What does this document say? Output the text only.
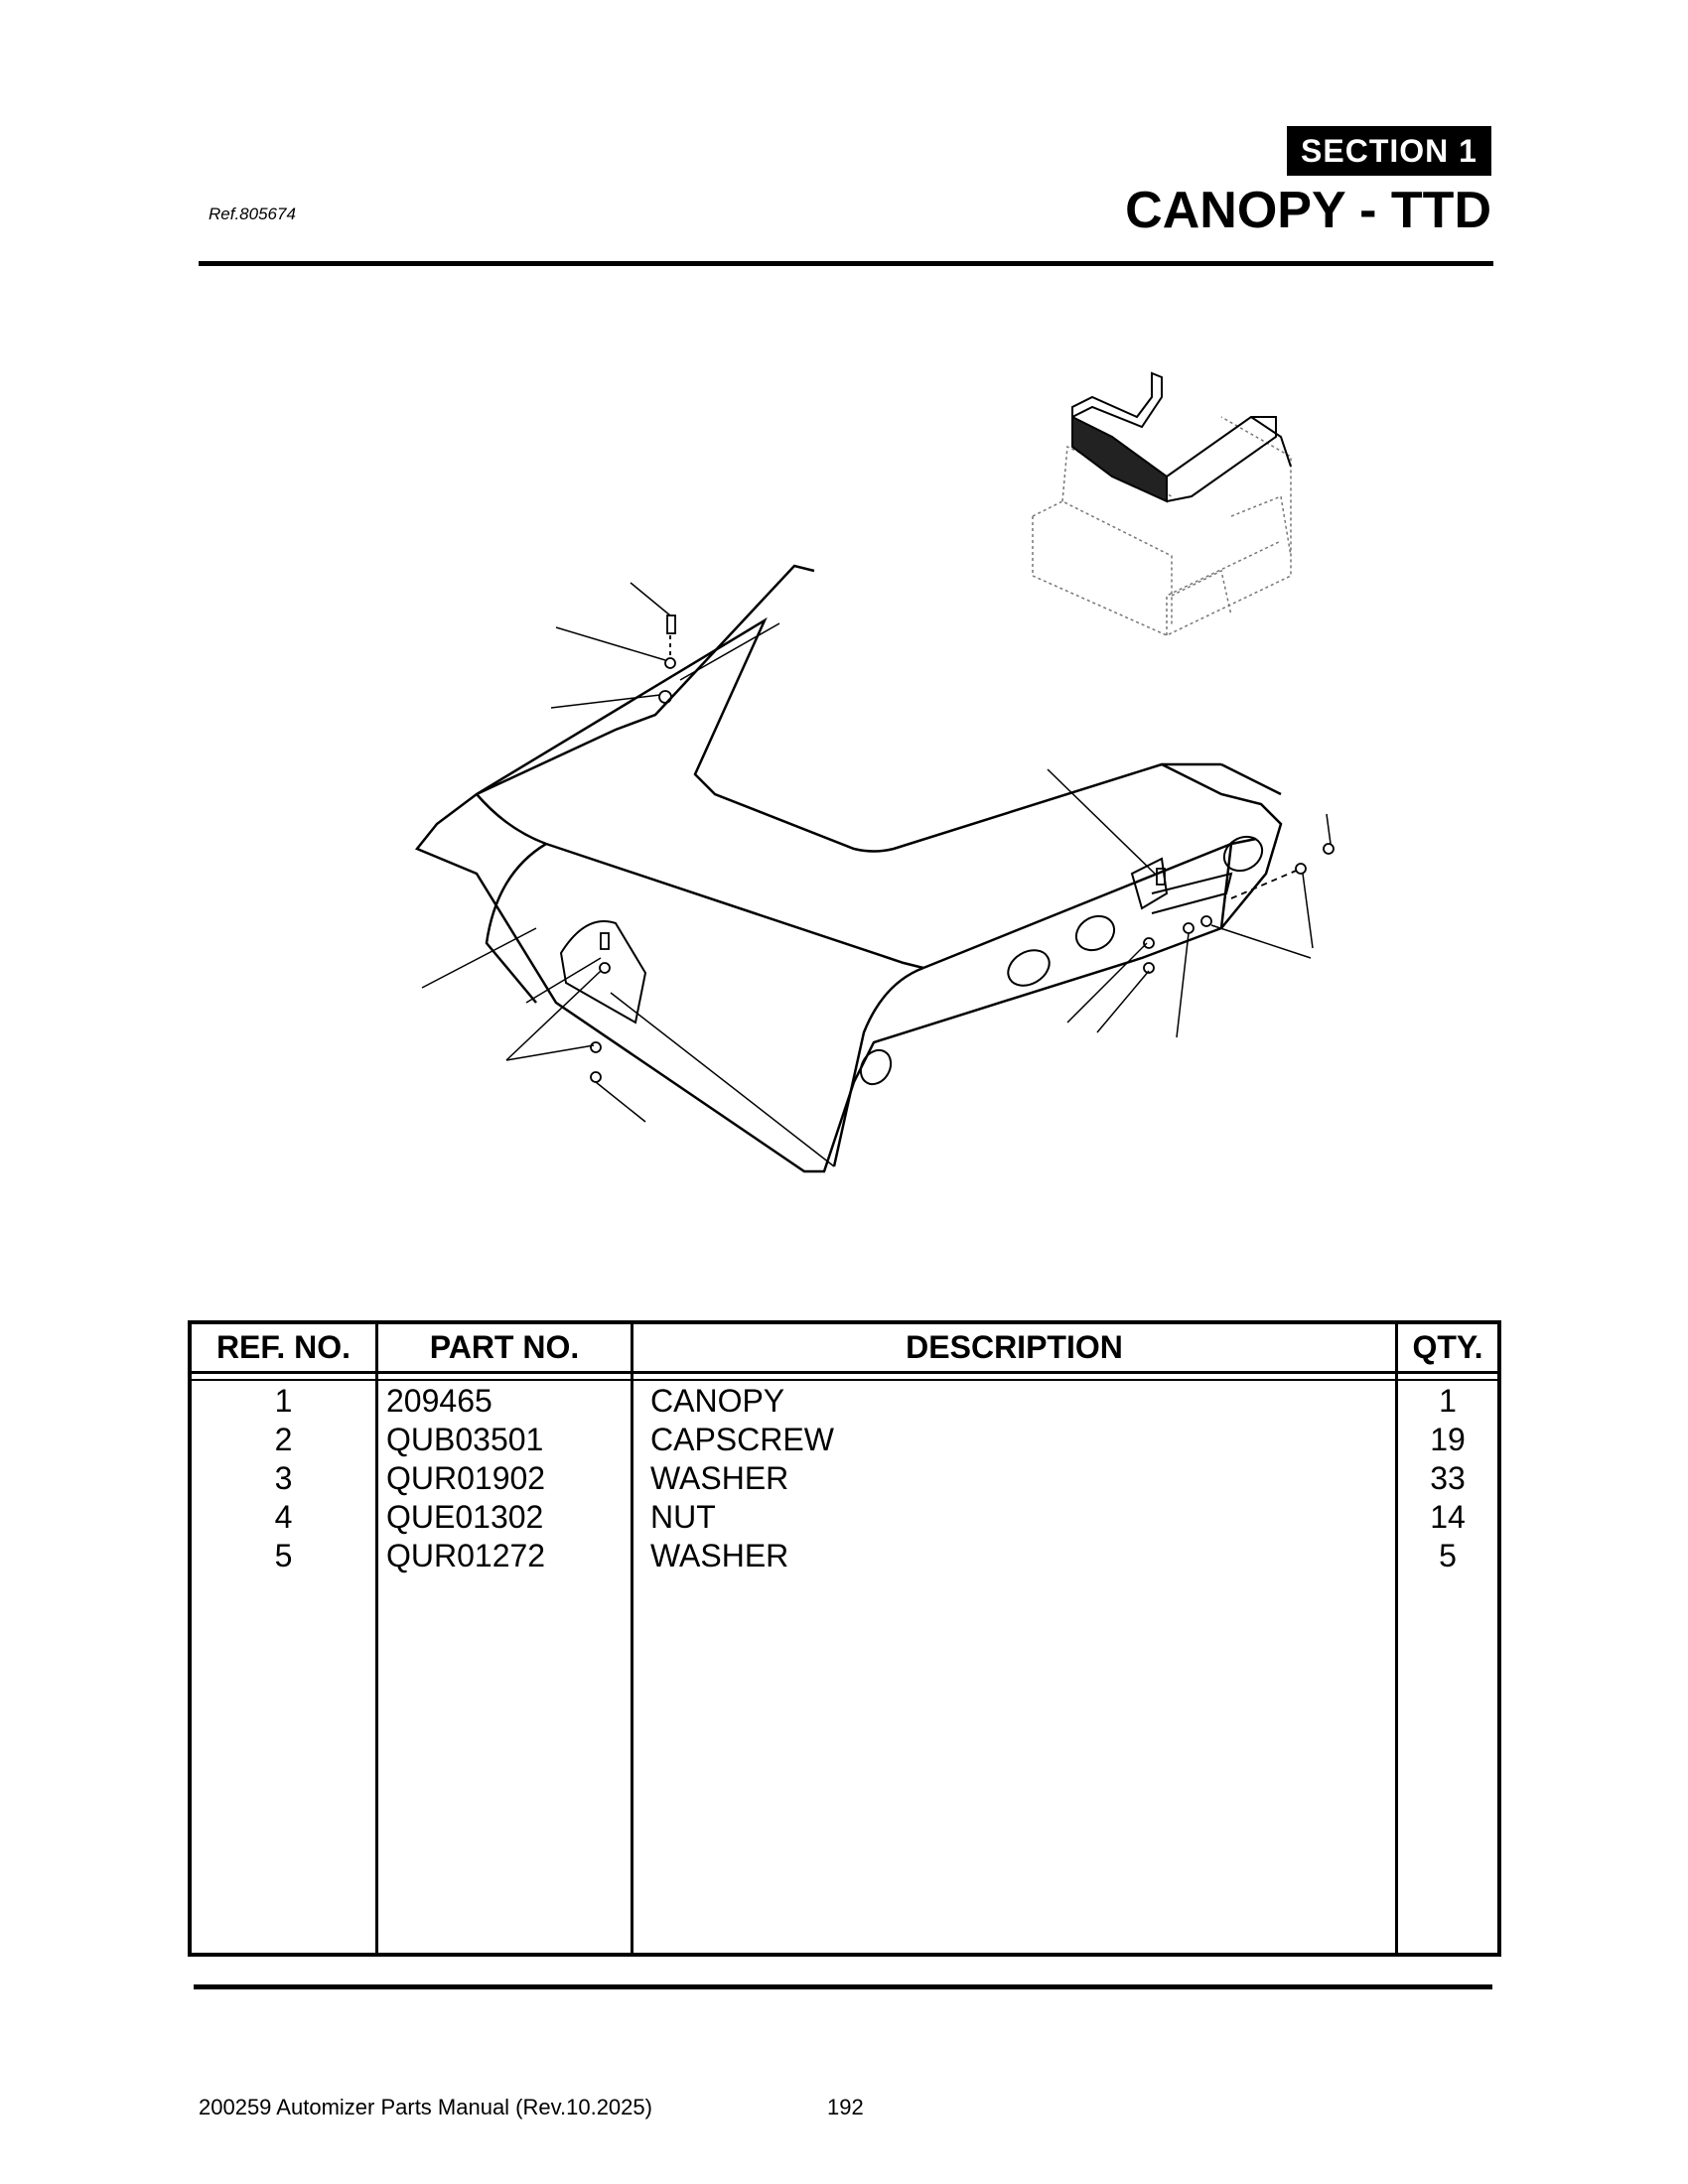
SECTION 1
Ref.805674	CANOPY - TTD
REF. NO.	PART NO.	DESCRIPTION	QTY.
1	209465	CANOPY	1
2	QUB03501	CAPSCREW	19
3	QUR01902	WASHER	33
4	QUE01302	NUT	14
5	QUR01272	WASHER	5
200259 Automizer Parts Manual (Rev.10.2025)	192
